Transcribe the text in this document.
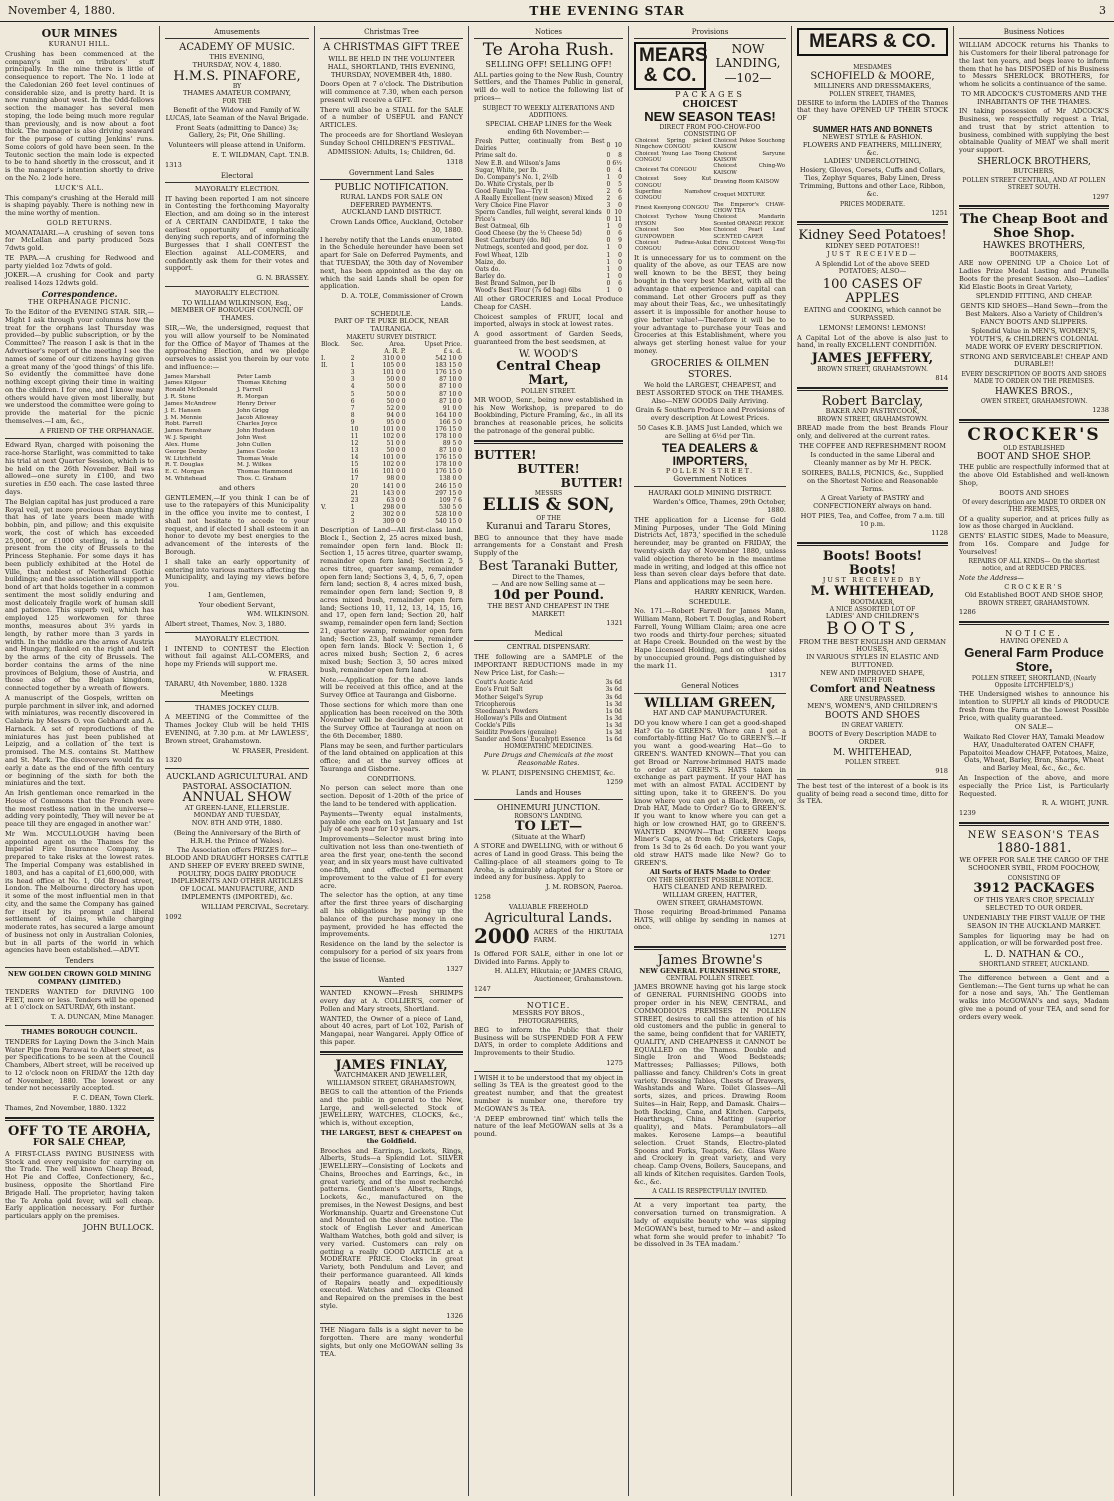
November 4, 1880.	THE EVENING STAR	3
OUR MINES
KURANUI HILL.

Crushing has been commenced at the company's mill on tributers' stuff principally. In the mine there is little of consequence to report. The No. 1 lode at the Caledonian 260 feet level continues of considerable size, and is pretty hard. It is now running about west. In the Odd-fellows section the manager has several men stoping, the lode being much more regular than previously, and is now about a foot thick. The manager is also driving seaward for the purpose of cutting Jenkins' runs. Some colors of gold have been seen. In the Teutonic section the main lode is expected to be to hand shortly in the crosscut, and it is the manager's intention shortly to drive on the No. 2 lode here.

LUCK'S ALL.

This company's crushing at the Herald mill is shaping payably. There is nothing new in the mine worthy of mention.

GOLD RETURNS.

MOANATAIARI.—A crushing of seven tons for McLellan and party produced 5ozs 7dwts gold.

TE PAPA.—A crushing for Redwood and party yielded 1oz 7dwts of gold.

JOKER.—A crushing for Cook and party realised 14ozs 12dwts gold.

Correspondence.
THE ORPHANAGE PICNIC.

To the Editor of the EVENING STAR. SIR,—Might I ask through your columns how the treat for the orphans last Thursday was provided—by public subscription, or by the Committee? The reason I ask is that in the Advertiser's report of the meeting I see the names of some of our citizens having given a great many of the 'good things' of this life. So evidently the committee have done nothing except giving their time in waiting on the children. I for one, and I know many others would have given most liberally, but we understood the committee were going to provide the material for the picnic themselves.—I am, &c.,

A FRIEND OF THE ORPHANAGE.

Edward Ryan, charged with poisoning the race-horse Starlight, was committed to take his trial at next Quarter Session, which is to be held on the 26th November. Bail was allowed—one surety in £100, and two sureties in £50 each. The case lasted three days.

The Belgian capital has just produced a rare Royal veil, yet more precious than anything that has of late years been made with bobbin, pin, and pillow; and this exquisite work, the cost of which has exceeded 25,000f., or £1000 sterling, is a bridal present from the city of Brussels to the Princess Stephanie. For some days it has been publicly exhibited at the Hotel de Ville, that noblest of Netherland Gothic buildings; and the association will support a bond of art that holds together in a common sentiment the most solidly enduring and most delicately fragile work of human skill and patience. This superb veil, which has employed 125 workwomen for three months, measures about 3½ yards in length, by rather more than 3 yards in width. In the middle are the arms of Austria and Hungary, flanked on the right and left by the arms of the city of Brussels. The border contains the arms of the nine provinces of Belgium, those of Austria, and those also of the Belgian kingdom, connected together by a wreath of flowers.

A manuscript of the Gospels, written on purple parchment in silver ink, and adorned with miniatures, was recently discovered in Calabria by Messrs O. von Gebhardt and A. Harnack. A set of reproductions of the miniatures has just been published at Leipzig, and a collation of the text is promised. The M.S. contains St. Matthew and St. Mark. The discoverers would fix as early a date as the end of the fifth century or beginning of the sixth for both the miniatures and the text.

An Irish gentleman once remarked in the House of Commons that the French were the most restless nation in the universe—adding very pointedly, 'They will never be at peace till they are engaged in another war.'

Mr Wm. MCCULLOUGH having been appointed agent on the Thames for the Imperial Fire Insurance Company, is prepared to take risks at the lowest rates. The Imperial Company was established in 1803, and has a capital of £1,600,000, with its head office at No. 1, Old Broad street, London. The Melbourne directory has upon it some of the most influential men in that city, and the same the Company has gained for itself by its prompt and liberal settlement of claims, while charging moderate rates, has secured a large amount of business not only in Australian Colonies, but in all parts of the world in which agencies have been established.—ADVT.

Tenders
NEW GOLDEN CROWN GOLD MINING COMPANY (LIMITED.)

TENDERS WANTED for DRIVING 100 FEET, more or less. Tenders will be opened at 1 o'clock on SATURDAY, 6th instant.

T. A. DUNCAN, Mine Manager.

THAMES BOROUGH COUNCIL.

TENDERS for Laying Down the 3-inch Main Water Pipe from Parawai to Albert street, as per Specifications to be seen at the Council Chambers, Albert street, will be received up to 12 o'clock noon on FRIDAY the 12th day of November, 1880. The lowest or any tender not necessarily accepted.

F. C. DEAN, Town Clerk.

Thames, 2nd November, 1880. 1322

OFF TO TE AROHA,
FOR SALE CHEAP,

A FIRST-CLASS PAYING BUSINESS with Stock and every requisite for carrying on the Trade. The well known Cheap Bread, Hot Pie and Coffee, Confectionery, &c., business, opposite the Shortland Fire Brigade Hall. The proprietor, having taken the Te Aroha gold fever, will sell cheap. Early application necessary. For further particulars apply on the premises.

JOHN BULLOCK.

Amusements
ACADEMY OF MUSIC.
THIS EVENING,
THURSDAY, NOV. 4, 1880.
H.M.S. PINAFORE,
BY
THAMES AMATEUR COMPANY,
FOR THE

Benefit of the Widow and Family of W. LUCAS, late Seaman of the Naval Brigade.

Front Seats (admitting to Dance) 3s; Gallery, 2s; Pit, One Shilling.

Volunteers will please attend in Uniform.

E. T. WILDMAN, Capt. T.N.B.

1313

Electoral
MAYORALTY ELECTION.

IT having been reported I am not sincere in Contesting the forthcoming Mayoralty Election, and am doing so in the interest of A CERTAIN CANDIDATE, I take the earliest opportunity of emphatically denying such reports, and of informing the Burgesses that I shall CONTEST the Election against ALL-COMERS, and confidently ask them for their votes and support.

G. N. BRASSEY.

MAYORALTY ELECTION.

TO WILLIAM WILKINSON, Esq., MEMBER OF BOROUGH COUNCIL OF THAMES.

SIR,—We, the undersigned, request that you will allow yourself to be Nominated for the Office of Mayor of Thames at the approaching Election, and we pledge ourselves to assist you therein by our vote and influence:—

James Marshall	Peter Lamb
James Kilgour	Thomas Kitching
Ronald McDonald	J. Farrell
J. R. Stone	R. Morgan
James McAndrew	Henry Driver
J. E. Hansen	John Grigg
J. M. Mennie	Jacob Alloway
Robt. Farrell	Charles Joyce
James Renshaw	John Hudson
W. J. Speight	John West
Alex. Hume	John Cullen
George Denby	James Cooke
W. Litchfield	Thomas Veale
R. T. Douglas	M. J. Wilkes
E. C. Morgan	Thomas Hammond
M. Whitehead	Thos. C. Graham

and others

GENTLEMEN,—If you think I can be of use to the ratepayers of this Municipality in the office you invite me to contest, I shall not hesitate to accede to your request, and if elected I shall esteem it an honor to devote my best energies to the advancement of the interests of the Borough.

I shall take an early opportunity of entering into various matters affecting the Municipality, and laying my views before you.

I am, Gentlemen,

Your obedient Servant,

WM. WILKINSON.

Albert street, Thames, Nov. 3, 1880.

MAYORALTY ELECTION.

I INTEND to CONTEST the Election without fail against ALL-COMERS, and hope my Friends will support me.

W. FRASER.

TARARU, 4th November, 1880. 1328

Meetings
THAMES JOCKEY CLUB.

A MEETING of the Committee of the Thames Jockey Club will be held THIS EVENING, at 7.30 p.m. at Mr LAWLESS', Brown street, Grahamstown.

W. FRASER, President.

1320

AUCKLAND AGRICULTURAL AND PASTORAL ASSOCIATION.
ANNUAL SHOW
AT GREEN-LANE, ELLERSLIE.
MONDAY AND TUESDAY,
NOV. 8TH AND 9TH, 1880.

(Being the Anniversary of the Birth of H.R.H. the Prince of Wales).

The Association offers PRIZES for—BLOOD AND DRAUGHT HORSES CATTLE AND SHEEP OF EVERY BREED SWINE, POULTRY, DOGS DAIRY PRODUCE IMPLEMENTS AND OTHER ARTICLES OF LOCAL MANUFACTURE, AND IMPLEMENTS (IMPORTED), &c.

WILLIAM PERCIVAL, Secretary.

1092

Christmas Tree
A CHRISTMAS GIFT TREE

WILL BE HELD IN THE VOLUNTEER HALL, SHORTLAND, THIS EVENING, THURSDAY, NOVEMBER 4th, 1880.

Doors Open at 7 o'clock. The Distribution will commence at 7.30, when each person present will receive a GIFT.

There will also be a STALL for the SALE of a number of USEFUL and FANCY ARTICLES.

The proceeds are for Shortland Wesleyan Sunday School CHILDREN'S FESTIVAL.

ADMISSION: Adults, 1s; Children, 6d.

1318

Government Land Sales
PUBLIC NOTIFICATION.
RURAL LANDS FOR SALE ON DEFERRED PAYMENTS.
AUCKLAND LAND DISTRICT.

Crown Lands Office, Auckland, October 30, 1880.

I hereby notify that the Lands enumerated in the Schedule hereunder have been set apart for Sale on Deferred Payments, and that TUESDAY, the 30th day of November next, has been appointed as the day on which the said Lands shall be open for application.

D. A. TOLE, Commissioner of Crown Lands.

SCHEDULE.
PART OF TE PUKE BLOCK, NEAR TAURANGA.
MAKETU SURVEY DISTRICT.
Block.	Sec.	Area.	Upset Price.
		A. R. P.	£ s. d.
I.	2	310 0 0	542 10 0
II.	1	105 0 0	183 15 0
	3	101 0 0	176 15 0
	3	50 0 0	87 10 0
	4	50 0 0	87 10 0
	5	50 0 0	87 10 0
	6	50 0 0	87 10 0
	7	52 0 0	91 0 0
	8	94 0 0	164 10 0
	9	95 0 0	166 5 0
	10	101 0 0	176 15 0
	11	102 0 0	178 10 0
	12	51 0 0	89 5 0
	13	50 0 0	87 10 0
	14	101 0 0	176 15 0
	15	102 0 0	178 10 0
	16	101 0 0	176 15 0
	17	98 0 0	138 0 0
	20	141 0 0	246 15 0
	21	143 0 0	297 15 0
	23	63 0 0	109 7 6
V.	1	298 0 0	530 5 0
	2	302 0 0	528 10 0
	3	309 0 0	540 15 0

Description of Land—All first-class land. Block I., Section 2, 25 acres mixed bush, remainder open fern land. Block II: Section 1, 15 acres titree, quarter swamp, remainder open fern land; Section 2, 5 acres titree, quarter swamp, remainder open fern land; Sections 3, 4, 5, 6, 7, open fern land; section 8, 4 acres mixed bush, remainder open fern land; Section 9, 8 acres mixed bush, remainder open fern land; Sections 10, 11, 12, 13, 14, 15, 16, and 17, open fern land; Section 20, half swamp, remainder open fern land; Section 21, quarter swamp, remainder open fern land; Section 23, half swamp, remainder open fern lands. Block V: Section 1, 6 acres mixed bush; Section 2, 6 acres mixed bush; Section 3, 50 acres mixed bush, remainder open fern land.

Note.—Application for the above lands will be received at this office, and at the Survey Office at Tauranga and Gisborne.

Those sections for which more than one application has been received on the 30th November will be decided by auction at the Survey Office at Tauranga at noon on the 6th December, 1880.

Plans may be seen, and further particulars of the land obtained on application at this office; and at the survey offices at Tauranga and Gisborne.

CONDITIONS.

No person can select more than one section. Deposit of 1-20th of the price of the land to be tendered with application.

Payments—Twenty equal instalments, payable one each on 1st January and 1st July of each year for 10 years.

Improvements—Selector must bring into cultivation not less than one-twentieth of area the first year, one-tenth the second year, and in six years must have cultivated one-fifth, and effected permanent improvement to the value of £1 for every acre.

The selector has the option, at any time after the first three years of discharging all his obligations by paying up the balance of the purchase money in one payment, provided he has effected the improvements.

Residence on the land by the selector is compulsory for a period of six years from the issue of license.

1327

Wanted

WANTED KNOWN—Fresh SHRIMPS every day at A. COLLIER'S, corner of Pollen and Mary streets, Shortland.

WANTED, the Owner of a piece of Land, about 40 acres, part of Lot 102, Parish of Mangapai, near Wangarei. Apply Office of this paper.

JAMES FINLAY,
WATCHMAKER AND JEWELLER,
WILLIAMSON STREET, GRAHAMSTOWN,

BEGS to call the attention of the Friends and the public in general to the New, Large, and well-selected Stock of JEWELLERY, WATCHES, CLOCKS, &c., which is, without exception,

THE LARGEST, BEST & CHEAPEST on the Goldfield.

Brooches and Earrings, Lockets, Rings, Alberts, Studs—a Splendid Lot. SILVER JEWELLERY—Consisting of Lockets and Chains, Brooches and Earrings, &c., in great variety, and of the most recherché patterns. Gentlemen's Alberts, Rings, Lockets, &c., manufactured on the premises, in the Newest Designs, and best Workmanship. Quartz and Greenstone Cut and Mounted on the shortest notice. The stock of English Lever and American Waltham Watches, both gold and silver, is very varied. Customers can rely on getting a really GOOD ARTICLE at a MODERATE PRICE. Clocks in great Variety, both Pendulum and Lever, and their performance guaranteed. All kinds of Repairs neatly and expeditiously executed. Watches and Clocks Cleaned and Repaired on the premises in the best style.

1326

THE Niagara falls is a sight never to be forgotten. There are many wonderful sights, but only one McGOWAN selling 3s TEA.

Notices
Te Aroha Rush.
SELLING OFF! SELLING OFF!

ALL parties going to the New Rush, Country Settlers, and the Thames Public in general, will do well to notice the following list of prices—

SUBJECT TO WEEKLY ALTERATIONS AND ADDITIONS.

SPECIAL CHEAP LINES for the Week ending 6th November:—

Fresh Putter, continually from Best Dairies	0	10
Prime salt do.	0	8
New E.B. and Wilson's Jams	0	6½
Sugar, White, per lb.	0	4
Do. Company's No. 1, 2½lb	1	0
Do. White Crystals, per lb	0	5
Good Family Tea—Try it	2	6
A Really Excellent (new season) Mixed	2	6
Very Choice Fine Flavor	3	0
Sperm Candles, full weight, several kinds	0	10
Price's	0	11
Best Oatmeal, 6lb	1	0
Good Cheese (by the ½ Cheese 5d)	0	6
Best Canterbury (do. 8d)	0	9
Nutmegs, scented and good, per doz.	1	0
Fowl Wheat, 12lb	1	0
Maize, do.	1	0
Oats do.	1	0
Barley do.	1	0
Best Brand Salmon, per lb	0	6
Wood's Best Flour (7s 6d bag) 6lbs	1	0

All other GROCERIES and Local Produce Cheap for CASH.

Choicest samples of FRUIT, local and imported, always in stock at lowest rates.

A good assortment of Garden Seeds, guaranteed from the best seedsmen, at

W. WOOD'S
Central Cheap Mart,
POLLEN STREET.

MR WOOD, Senr., being now established in his New Workshop, is prepared to do Bookbinding, Picture Framing, &c., in all its branches at reasonable prices, he solicits the patronage of the general public.

BUTTER!
BUTTER!
BUTTER!
MESSRS
ELLIS & SON,
OF THE
Kuranui and Tararu Stores,

BEG to announce that they have made arrangements for a Constant and Fresh Supply of the

Best Taranaki Butter,
Direct to the Thames,
— And are now Selling same at —
10d per Pound.
THE BEST AND CHEAPEST IN THE MARKET!

1321

Medical
CENTRAL DISPENSARY.

THE following are a SAMPLE of the IMPORTANT REDUCTIONS made in my New Price List, for Cash:—

Coutt's Acetic Acid	3s 6d
Eno's Fruit Salt	3s 6d
Mother Seigel's Syrup	3s 6d
Tricopherous	1s 3d
Steedman's Powders	1s 0d
Holloway's Pills and Ointment	1s 3d
Cockle's Pills	1s 3d
Seidlitz Powders (genuine)	1s 3d
Sander and Sons' Eucalypti Essence	1s 6d
HOMŒPATHIC MEDICINES.

Pure Drugs and Chemicals at the most Reasonable Rates.

W. PLANT, DISPENSING CHEMIST, &c.

1259

Lands and Houses
OHINEMURI JUNCTION.
ROBSON'S LANDING.
TO LET—
(Situate at the Wharf)

A STORE and DWELLING, with or without 6 acres of Land in good Grass. This being the Calling-place of all steamers going to Te Aroha, is admirably adapted for a Store or indeed any for business. Apply to

J. M. ROBSON, Paeroa.

1258

VALUABLE FREEHOLD
Agricultural Lands.
2000 ACRES of the HIKUTAIA FARM.

Is Offered FOR SALE, either in one lot or Divided into Farms. Apply to

H. ALLEY, Hikutaia; or JAMES CRAIG, Auctioneer, Grahamstown.

1247

NOTICE.
MESSRS FOY BROS.,
PHOTOGRAPHERS,

BEG to inform the Public that their Business will be SUSPENDED FOR A FEW DAYS, in order to complete Additions and Improvements to their Studio.

1275

I WISH it to be understood that my object in selling 3s TEA is the greatest good to the greatest number, and that the greatest number is number one, therefore try McGOWAN'S 3s TEA.

'A DEEP embrowned tint' which tells the nature of the leaf McGOWAN sells at 3s a pound.

Provisions
MEARS & CO.
NOW LANDING,
—102—
PACKAGES
CHOICEST
NEW SEASON TEAS!
DIRECT FROM FOO-CHOW-FOO
CONSISTING OF
Choicest Spring picked Ningchow CONGOU	Choicest Pekoe Souchong KAISOW
Choicest Young Lao Toong CONGOU	Choicest Saryune KAISOW
Choicest Toi CONGOU	Choicest Ching-Wo KAISOW
Choicest Soey Kut CONGOU	Drawing Room KAISOW
Superfine Namshow CONGOU	Croquet MIXTURE
Finest Keenyong CONGOU	The Emperor's CHAW-CHOW TEA
Choicest Tychow Young HYSON	Choicest Mandarin Scented ORANGE PEKOE
Choicest Soo Mee GUNPOWDER	Choicest Pearl Leaf SCENTED CAPER
Choicest Padrae-Aukai CONGOU	Extra Choicest Wong-Toi CONGOU

It is unnecessary for us to comment on the quality of the above, as our TEAS are now well known to be the BEST, they being bought in the very best Market, with all the advantage that experience and capital can command. Let other Grocers puff as they may about their Teas, &c., we unhesitatingly assert it is impossible for another house to give better value!—Therefore it will be to your advantage to purchase your Teas and Groceries at this Establishment, where you always get sterling honest value for your money.

GROCERIES & OILMEN STORES.

We hold the LARGEST, CHEAPEST, and BEST ASSORTED STOCK on THE THAMES. Also—NEW GOODS Daily Arriving.

Grain & Southern Produce and Provisions of every description At Lowest Prices.

50 Cases K.B. JAMS Just Landed, which we are Selling at 6½d per Tin.

TEA DEALERS & IMPORTERS,
POLLEN STREET.
Government Notices
HAURAKI GOLD MINING DISTRICT.

Warden's Office, Thames, 29th October, 1880.

THE application for a License for Gold Mining Purposes, under 'The Gold Mining Districts Act, 1873,' specified in the schedule hereunder, may be granted on FRIDAY, the twenty-sixth day of November 1880, unless valid objection thereto be in the meantime made in writing, and lodged at this office not less than seven clear days before that date. Plans and applications may be seen here.

HARRY KENRICK, Warden.

SCHEDULE.

No. 171.—Robert Farrell for James Mann, William Mann, Robert T. Douglas, and Robert Farrell, Young William Claim; area one acre two roods and thirty-four perches; situated at Hape Creek. Bounded on the west by the Hape Licensed Holding, and on other sides by unoccupied ground. Pegs distinguished by the mark 11.

1317

General Notices
WILLIAM GREEN,
HAT AND CAP MANUFACTURER.

DO you know where I can get a good-shaped Hat? Go to GREEN'S. Where can I get a comfortably-fitting Hat? Go to GREEN'S.—If you want a good-wearing Hat—Go to GREEN'S. WANTED KNOWN—That you can get Broad or Narrow-brimmed HATS made to order at GREEN'S. HATS taken in exchange as part payment. If your HAT has met with an almost FATAL ACCIDENT by sitting upon, take it to GREEN'S. Do you know where you can get a Black, Brown, or Drab HAT, Made to Order? Go to GREEN'S. If you want to know where you can get a high or low crowned HAT, go to GREEN'S. WANTED KNOWN—That GREEN keeps Miner's Caps, at from 6d; Cricketers Caps, from 1s 3d to 2s 6d each. Do you want your old straw HATS made like New? Go to GREEN'S.

All Sorts of HATS Made to Order
ON THE SHORTEST POSSIBLE NOTICE.
HATS CLEANED AND REPAIRED.
WILLIAM GREEN, HATTER,
OWEN STREET, GRAHAMSTOWN.

Those requiring Broad-brimmed Panama HATS, will oblige by sending in names at once.

1271

James Browne's
NEW GENERAL FURNISHING STORE,
CENTRAL POLLEN STREET.

JAMES BROWNE having got his large stock of GENERAL FURNISHING GOODS into proper order in his NEW, CENTRAL, and COMMODIOUS PREMISES IN POLLEN STREET, desires to call the attention of his old customers and the public in general to the same, being confident that for VARIETY, QUALITY, AND CHEAPNESS it CANNOT be EQUALLED on the Thames. Double and Single Iron and Wood Bedsteads; Mattresses; Palliasses; Pillows, both palliasse and fancy. Children's Cots in great variety. Dressing Tables, Chests of Drawers, Washstands and Ware. Toilet Glasses—All sorts, sizes, and prices. Drawing Room Suites—in Hair, Repp, and Damask. Chairs—both Rocking, Cane, and Kitchen. Carpets, Hearthrugs, China Matting (superior quality), and Mats. Perambulators—all makes. Kerosene Lamps—a beautiful selection. Cruet Stands, Electro-plated Spoons and Forks, Teapots, &c. Glass Ware and Crockery in great variety, and very cheap. Camp Ovens, Boilers, Saucepans, and all kinds of Kitchen requisites. Garden Tools, &c., &c.

A CALL IS RESPECTFULLY INVITED.

At a very important tea party, the conversation turned on transmigration. A lady of exquisite beauty who was sipping McGOWAN's best, turned to Mr — and asked what form she would prefer to inhabit? 'To be dissolved in 3s TEA madam.'

MEARS & CO.
MESDAMES
SCHOFIELD & MOORE,
MILLINERS AND DRESSMAKERS,
POLLEN STREET, THAMES,

DESIRE to inform the LADIES of the Thames that they have OPENED UP THEIR STOCK OF

SUMMER HATS AND BONNETS
NEWEST STYLE & FASHION.
FLOWERS AND FEATHERS, MILLINERY, &c.
LADIES' UNDERCLOTHING,

Hosiery, Gloves, Corsets, Cuffs and Collars, Ties, Zephyr Squares, Baby Linen, Dress Trimming, Buttons and other Lace, Ribbon, &c.

PRICES MODERATE.

1251

Kidney Seed Potatoes!
KIDNEY SEED POTATOES!!
JUST RECEIVED—

A Splendid Lot of the above SEED POTATOES; ALSO—

100 CASES OF APPLES

EATING and COOKING, which cannot be SURPASSED.

LEMONS! LEMONS! LEMONS!

A Capital Lot of the above is also just to hand, in really EXCELLENT CONDITION.

JAMES JEFFERY,
BROWN STREET, GRAHAMSTOWN.

814

Robert Barclay,
BAKER AND PASTRYCOOK,
BROWN STREET, GRAHAMSTOWN.

BREAD made from the best Brands Flour only, and delivered at the current rates.

THE COFFEE AND REFRESHMENT ROOM

Is conducted in the same Liberal and Cleanly manner as by Mr H. PECK.

SOIREES, BALLS, PICNICS, &c., Supplied on the Shortest Notice and Reasonable Terms.

A Great Variety of PASTRY and CONFECTIONERY always on hand.

HOT PIES, Tea, and Coffee, from 7 a.m. till 10 p.m.

1128

Boots! Boots! Boots!
JUST RECEIVED BY
M. WHITEHEAD,
BOOTMAKER,
A NICE ASSORTED LOT OF
LADIES' AND CHILDREN'S
BOOTS,
FROM THE BEST ENGLISH AND GERMAN HOUSES,
IN VARIOUS STYLES IN ELASTIC AND BUTTONED.
NEW AND IMPROVED SHAPE,
WHICH FOR
Comfort and Neatness
ARE UNSURPASSED.
MEN'S, WOMEN'S, AND CHILDREN'S
BOOTS AND SHOES
IN GREAT VARIETY.

BOOTS of Every Description MADE to ORDER.

M. WHITEHEAD,
POLLEN STREET.

918

The best test of the interest of a book is its quality of being read a second time, ditto for 3s TEA.

Business Notices

WILLIAM ADCOCK returns his Thanks to his Customers for their liberal patronage for the last ten years, and begs leave to inform them that he has DISPOSED of his Business to Messrs SHERLOCK BROTHERS, for whom he solicits a continuance of the same.

TO MR ADCOCK'S CUSTOMERS AND THE INHABITANTS OF THE THAMES.

IN taking possession of Mr ADCOCK'S Business, we respectfully request a Trial, and trust that by strict attention to business, combined with supplying the best obtainable Quality of MEAT we shall merit your support.

SHERLOCK BROTHERS,
BUTCHERS,

POLLEN STREET CENTRAL, AND AT POLLEN STREET SOUTH.

1297

The Cheap Boot and Shoe Shop.
HAWKES BROTHERS,
BOOTMAKERS,

ARE now OPENING UP a Choice Lot of Ladies Prize Medal Lasting and Prunella Boots for the present Season. Also—Ladies' Kid Elastic Boots in Great Variety,

SPLENDID FITTING, AND CHEAP.

GENTS KID SHOES—Hand Sewn—from the Best Makers. Also a Variety of Children's FANCY BOOTS AND SLIPPERS.

Splendid Value in MEN'S, WOMEN'S, YOUTH'S, & CHILDREN'S COLONIAL MADE WORK OF EVERY DESCRIPTION.

STRONG AND SERVICEABLE! CHEAP AND DURABLE!!

EVERY DESCRIPTION OF BOOTS AND SHOES MADE TO ORDER ON THE PREMISES.

HAWKES BROS.,
OWEN STREET, GRAHAMSTOWN.

1238

CROCKER'S
OLD ESTABLISHED
BOOT AND SHOE SHOP.

THE public are respectfully informed that at the above Old Established and well-known Shop,

BOOTS AND SHOES

Of every description are MADE TO ORDER ON THE PREMISES,

Of a quality superior, and at prices fully as low as those charged in Auckland.

GENTS' ELASTIC SIDES, Made to Measure, from 16s. Compare and Judge for Yourselves!

REPAIRS OF ALL KINDS— On the shortest notice, and at REDUCED PRICES.

Note the Address—

CROCKER'S
Old Established BOOT AND SHOE SHOP,
BROWN STREET, GRAHAMSTOWN.

1286

NOTICE.
HAVING OPENED A
General Farm Produce Store,

POLLEN STREET, SHORTLAND, (Nearly Opposite LITCHFIELD'S,)

THE Undersigned wishes to announce his intention to SUPPLY all kinds of PRODUCE fresh from the Farm at the Lowest Possible Price, with quality guaranteed.

ON SALE—

Waikato Red Clover HAY, Tamaki Meadow HAY, Unadulterated OATEN CHAFF, Papatoitoi Meadow CHAFF, Potatoes, Maize, Oats, Wheat, Barley, Bran, Sharps, Wheat and Barley Meal, &c., &c., &c.

An Inspection of the above, and more especially the Price List, is Particularly Requested.

R. A. WIGHT, JUNR.

1239

NEW SEASON'S TEAS
1880-1881.

WE OFFER FOR SALE THE CARGO OF THE SCHOONER SYBIL, FROM FOOCHOW,

CONSISTING OF
3912 PACKAGES

OF THIS YEAR'S CROP, SPECIALLY SELECTED TO OUR ORDER.

UNDENIABLY THE FIRST VALUE OF THE SEASON IN THE AUCKLAND MARKET.

Samples for liquoring may be had on application, or will be forwarded post free.

L. D. NATHAN & CO.,
SHORTLAND STREET, AUCKLAND.

The difference between a Gent and a Gentleman:—The Gent turns up what he can for a nose and says, ‘Ah.’ The Gentleman walks into McGOWAN's and says, Madam give me a pound of your TEA, and send for orders every week.
